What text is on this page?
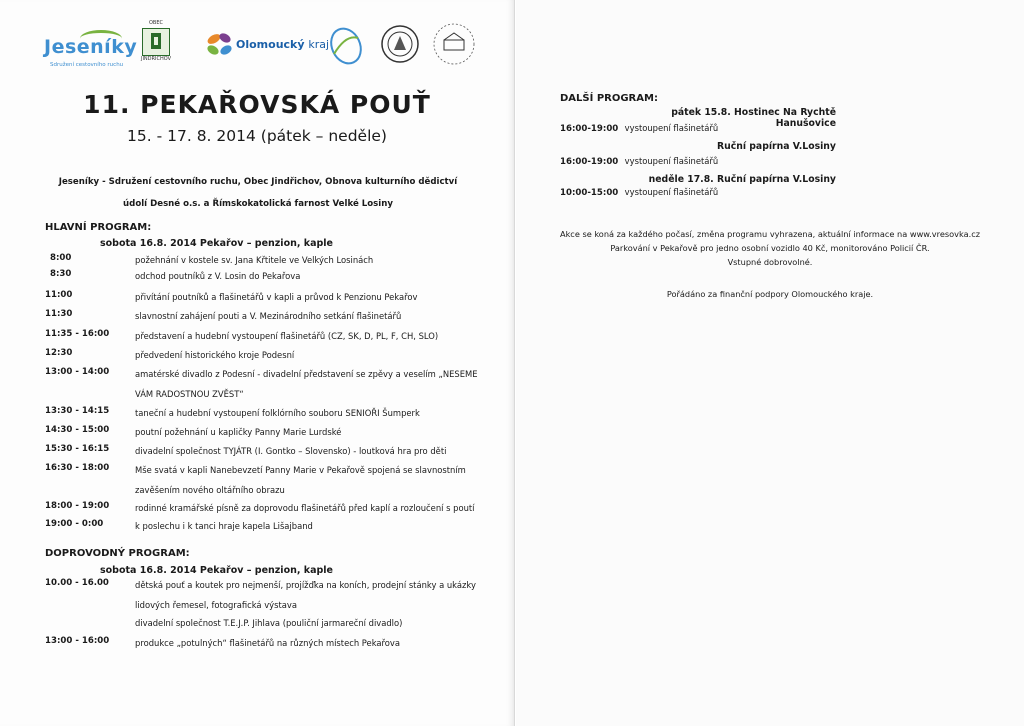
Jeseníky
Sdružení cestovního ruchu
OBEC
JINDŘICHOV
Olomoucký kraj
11. PEKAŘOVSKÁ POUŤ
15. - 17. 8. 2014 (pátek – neděle)
Jeseníky - Sdružení cestovního ruchu, Obec Jindřichov, Obnova kulturního dědictví
údolí Desné o.s. a Římskokatolická farnost Velké Losiny
HLAVNÍ PROGRAM:
sobota 16.8. 2014 Pekařov – penzion, kaple
8:00	požehnání v kostele sv. Jana Křtitele ve Velkých Losinách
8:30	odchod poutníků z V. Losin do Pekařova
11:00	přivítání poutníků a flašinetářů v kapli a průvod k Penzionu Pekařov
11:30	slavnostní zahájení pouti a V. Mezinárodního setkání flašinetářů
11:35 - 16:00	představení a hudební vystoupení flašinetářů (CZ, SK, D, PL, F, CH, SLO)
12:30	předvedení historického kroje Podesní
13:00 - 14:00	amatérské divadlo z Podesní - divadelní představení se zpěvy a veselím „NESEME VÁM RADOSTNOU ZVĚST“
13:30 - 14:15	taneční a hudební vystoupení folklórního souboru SENIOŘI Šumperk
14:30 - 15:00	poutní požehnání u kapličky Panny Marie Lurdské
15:30 - 16:15	divadelní společnost TYJÁTR (I. Gontko – Slovensko) - loutková hra pro děti
16:30 - 18:00	Mše svatá v kapli Nanebevzetí Panny Marie v Pekařově spojená se slavnostním zavěšením nového oltářního obrazu
18:00 - 19:00	rodinné kramářské písně za doprovodu flašinetářů před kaplí a rozloučení s poutí
19:00 - 0:00	k poslechu i k tanci hraje kapela Lišajband
DOPROVODNÝ PROGRAM:
sobota 16.8. 2014 Pekařov – penzion, kaple
10.00 - 16.00	dětská pouť a koutek pro nejmenší, projížďka na koních, prodejní stánky a ukázky lidových řemesel, fotografická výstava
divadelní společnost T.E.J.P. Jihlava (pouliční jarmareční divadlo)
13:00 - 16:00	produkce „potulných“ flašinetářů na různých místech Pekařova
DALŠÍ PROGRAM:
pátek 15.8. Hostinec Na Rychtě Hanušovice
16:00-19:00 vystoupení flašinetářů
Ruční papírna V.Losiny
16:00-19:00 vystoupení flašinetářů
neděle 17.8. Ruční papírna V.Losiny
10:00-15:00 vystoupení flašinetářů
Akce se koná za každého počasí, změna programu vyhrazena, aktuální informace na www.vresovka.cz
Parkování v Pekařově pro jedno osobní vozidlo 40 Kč, monitorováno Policií ČR.
Vstupné dobrovolné.
Pořádáno za finanční podpory Olomouckého kraje.
